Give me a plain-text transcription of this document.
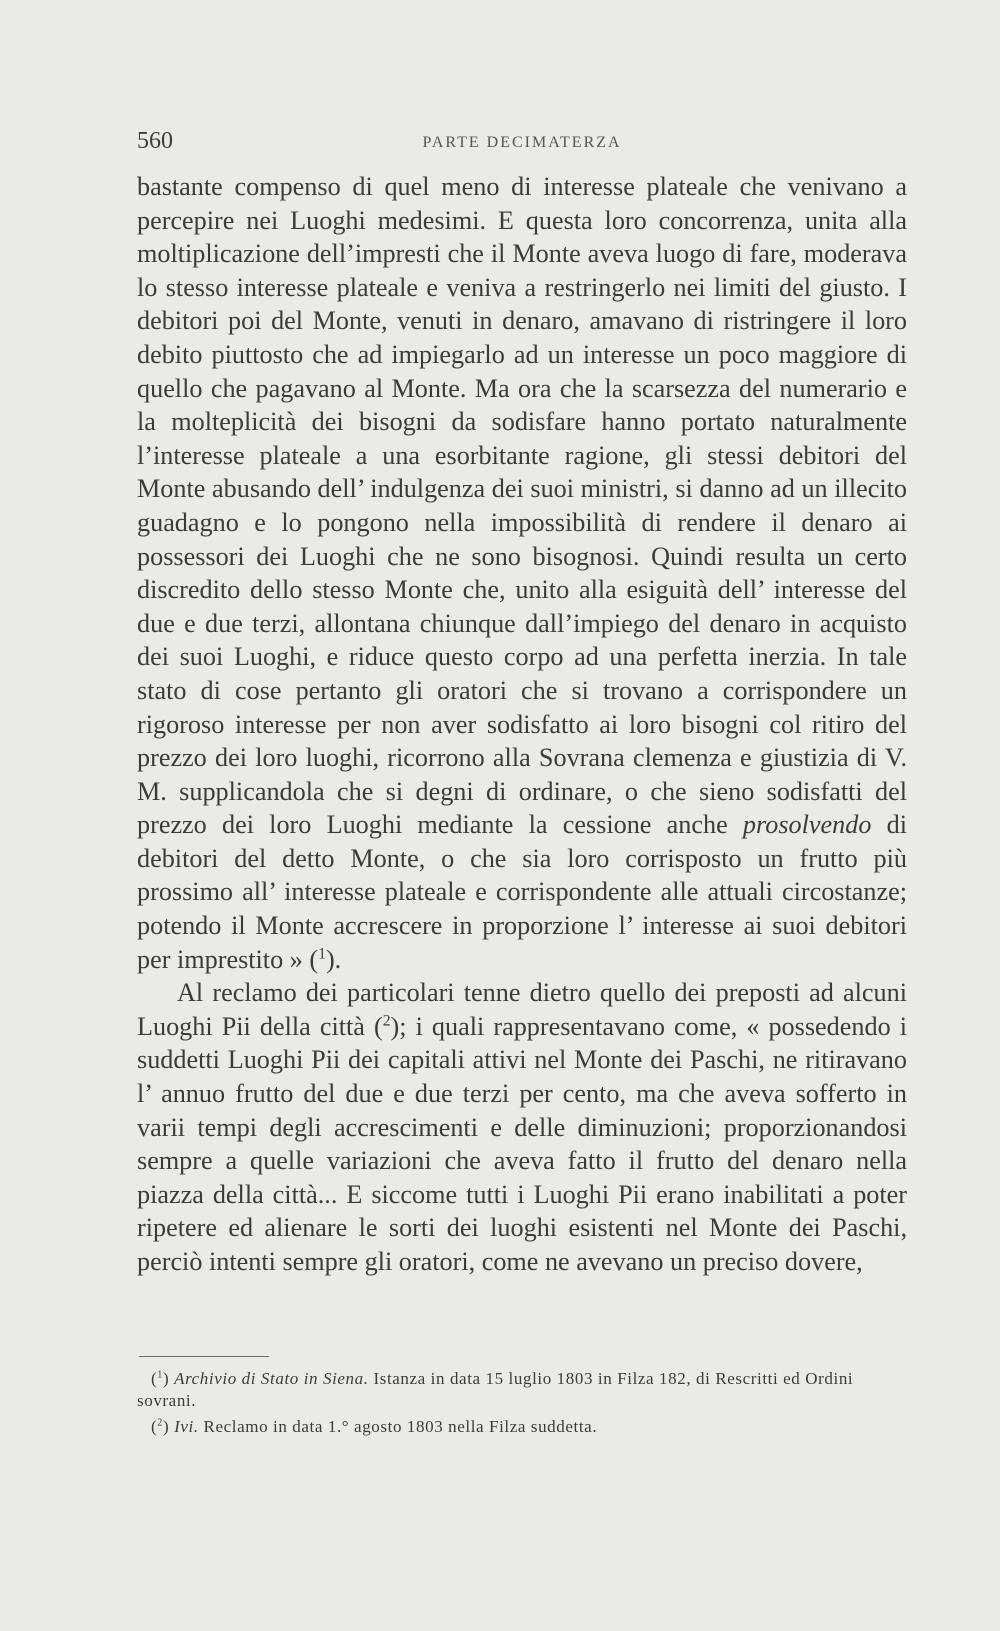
560	PARTE DECIMATERZA

bastante compenso di quel meno di interesse plateale che venivano a percepire nei Luoghi medesimi. E questa loro concorrenza, unita alla moltiplicazione dell’impresti che il Monte aveva luogo di fare, moderava lo stesso interesse plateale e veniva a restringerlo nei limiti del giusto. I debitori poi del Monte, venuti in denaro, amavano di ristringere il loro debito piuttosto che ad impiegarlo ad un interesse un poco maggiore di quello che pagavano al Monte. Ma ora che la scarsezza del numerario e la molteplicità dei bisogni da sodisfare hanno portato naturalmente l’interesse plateale a una esorbitante ragione, gli stessi debitori del Monte abusando dell’ indulgenza dei suoi ministri, si danno ad un illecito guadagno e lo pongono nella impossibilità di rendere il denaro ai possessori dei Luoghi che ne sono bisognosi. Quindi resulta un certo discredito dello stesso Monte che, unito alla esiguità dell’ interesse del due e due terzi, allontana chiunque dall’impiego del denaro in acquisto dei suoi Luoghi, e riduce questo corpo ad una perfetta inerzia. In tale stato di cose pertanto gli oratori che si trovano a corrispondere un rigoroso interesse per non aver sodisfatto ai loro bisogni col ritiro del prezzo dei loro luoghi, ricorrono alla Sovrana clemenza e giustizia di V. M. supplicandola che si degni di ordinare, o che sieno sodisfatti del prezzo dei loro Luoghi mediante la cessione anche prosolvendo di debitori del detto Monte, o che sia loro corrisposto un frutto più prossimo all’ interesse plateale e corrispondente alle attuali circostanze; potendo il Monte accrescere in proporzione l’ interesse ai suoi debitori per imprestito » ($^1$).

Al reclamo dei particolari tenne dietro quello dei preposti ad alcuni Luoghi Pii della città ($^2$); i quali rappresentavano come, « possedendo i suddetti Luoghi Pii dei capitali attivi nel Monte dei Paschi, ne ritiravano l’ annuo frutto del due e due terzi per cento, ma che aveva sofferto in varii tempi degli accrescimenti e delle diminuzioni; proporzionandosi sempre a quelle variazioni che aveva fatto il frutto del denaro nella piazza della città... E siccome tutti i Luoghi Pii erano inabilitati a poter ripetere ed alienare le sorti dei luoghi esistenti nel Monte dei Paschi, perciò intenti sempre gli oratori, come ne avevano un preciso dovere,

($^1$) Archivio di Stato in Siena. Istanza in data 15 luglio 1803 in Filza 182, di Rescritti ed Ordini sovrani.

($^2$) Ivi. Reclamo in data 1.° agosto 1803 nella Filza suddetta.
